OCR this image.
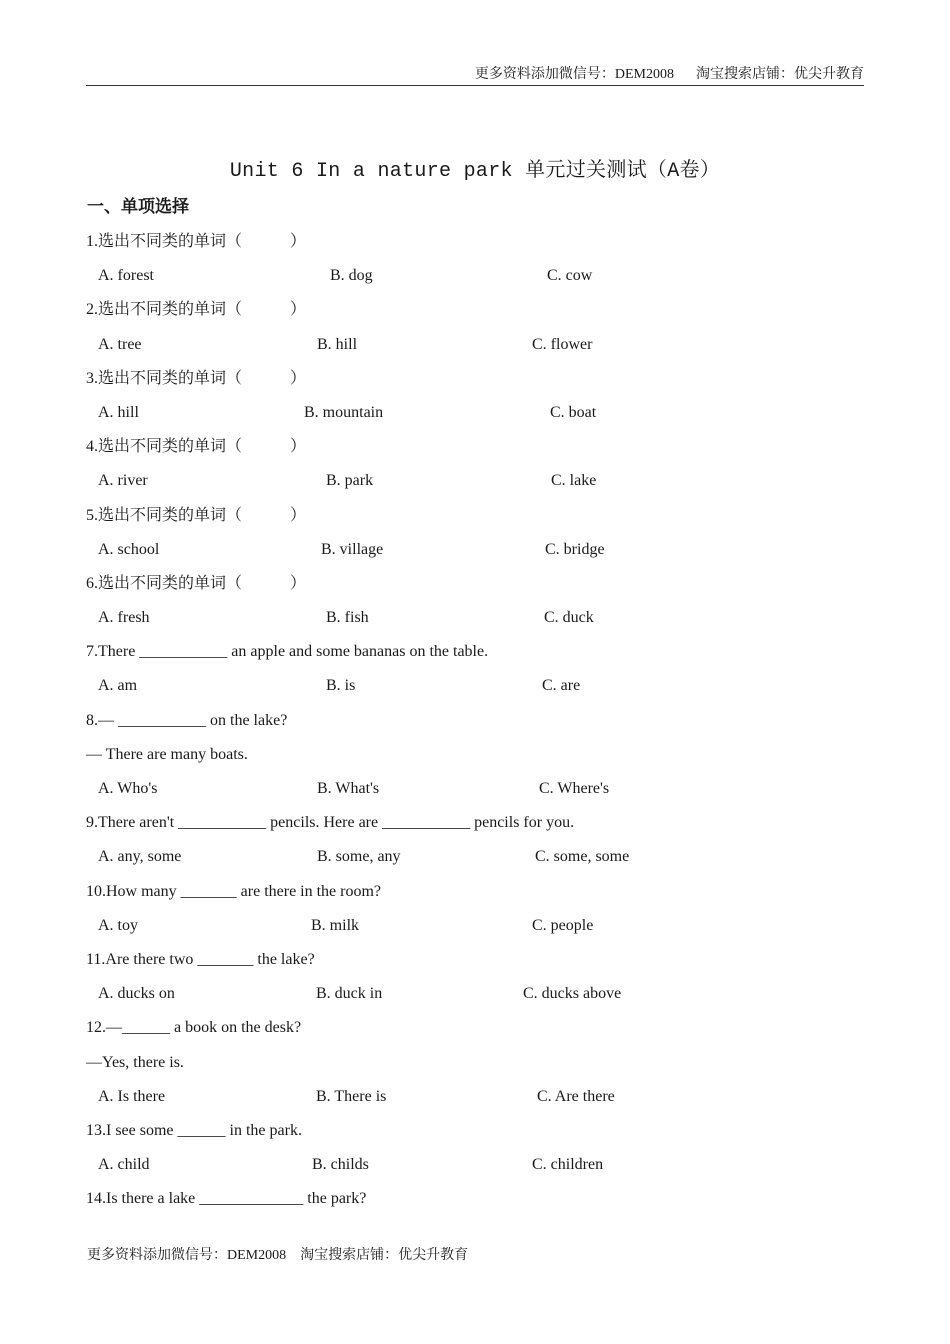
更多资料添加微信号：DEM2008 淘宝搜索店铺：优尖升教育
Unit 6 In a nature park 单元过关测试（A卷）
一、单项选择
1.选出不同类的单词（　　　）
A. forest	B. dog	C. cow
2.选出不同类的单词（　　　）
A. tree	B. hill	C. flower
3.选出不同类的单词（　　　）
A. hill	B. mountain	C. boat
4.选出不同类的单词（　　　）
A. river	B. park	C. lake
5.选出不同类的单词（　　　）
A. school	B. village	C. bridge
6.选出不同类的单词（　　　）
A. fresh	B. fish	C. duck
7.There ___________ an apple and some bananas on the table.
A. am	B. is	C. are
8.— ___________ on the lake?
— There are many boats.
A. Who's	B. What's	C. Where's
9.There aren't ___________ pencils. Here are ___________ pencils for you.
A. any, some	B. some, any	C. some, some
10.How many _______ are there in the room?
A. toy	B. milk	C. people
11.Are there two _______ the lake?
A. ducks on	B. duck in	C. ducks above
12.—______ a book on the desk?
—Yes, there is.
A. Is there	B. There is	C. Are there
13.I see some ______ in the park.
A. child	B. childs	C. children
14.Is there a lake _____________ the park?
更多资料添加微信号：DEM2008 淘宝搜索店铺：优尖升教育
